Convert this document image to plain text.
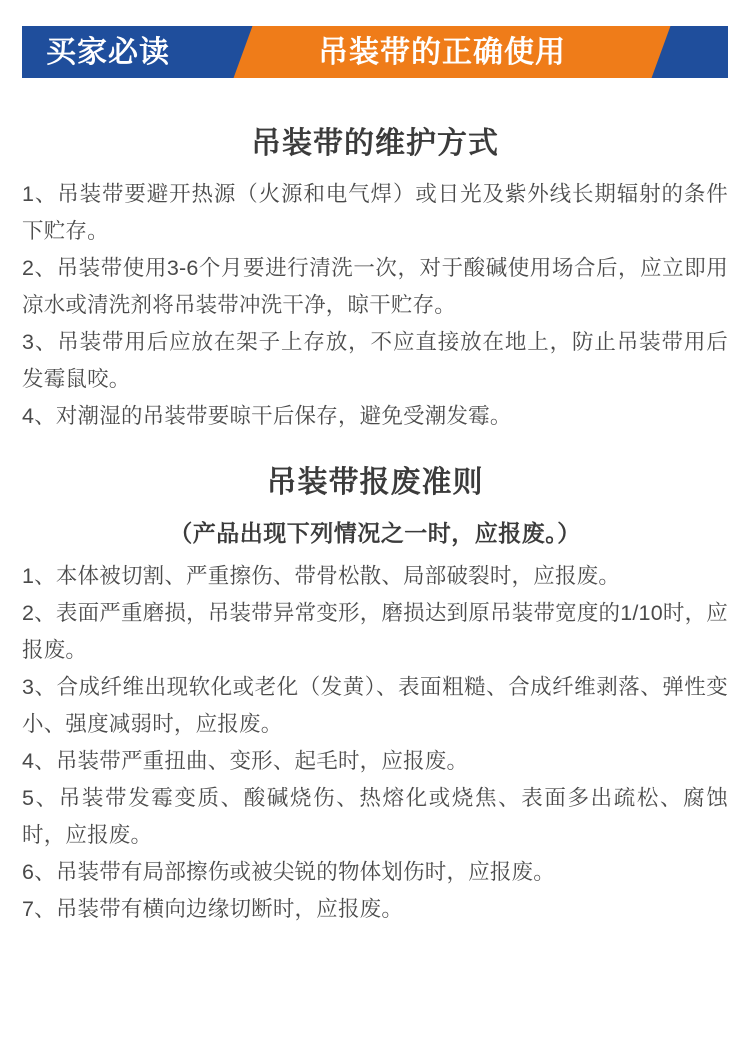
买家必读	吊装带的正确使用
吊装带的维护方式
1、吊装带要避开热源（火源和电气焊）或日光及紫外线长期辐射的条件下贮存。
2、吊装带使用3-6个月要进行清洗一次，对于酸碱使用场合后，应立即用凉水或清洗剂将吊装带冲洗干净，晾干贮存。
3、吊装带用后应放在架子上存放，不应直接放在地上，防止吊装带用后发霉鼠咬。
4、对潮湿的吊装带要晾干后保存，避免受潮发霉。
吊装带报废准则
（产品出现下列情况之一时，应报废。）
1、本体被切割、严重擦伤、带骨松散、局部破裂时，应报废。
2、表面严重磨损，吊装带异常变形，磨损达到原吊装带宽度的1/10时，应报废。
3、合成纤维出现软化或老化（发黄）、表面粗糙、合成纤维剥落、弹性变小、强度减弱时，应报废。
4、吊装带严重扭曲、变形、起毛时，应报废。
5、吊装带发霉变质、酸碱烧伤、热熔化或烧焦、表面多出疏松、腐蚀时，应报废。
6、吊装带有局部擦伤或被尖锐的物体划伤时，应报废。
7、吊装带有横向边缘切断时，应报废。
